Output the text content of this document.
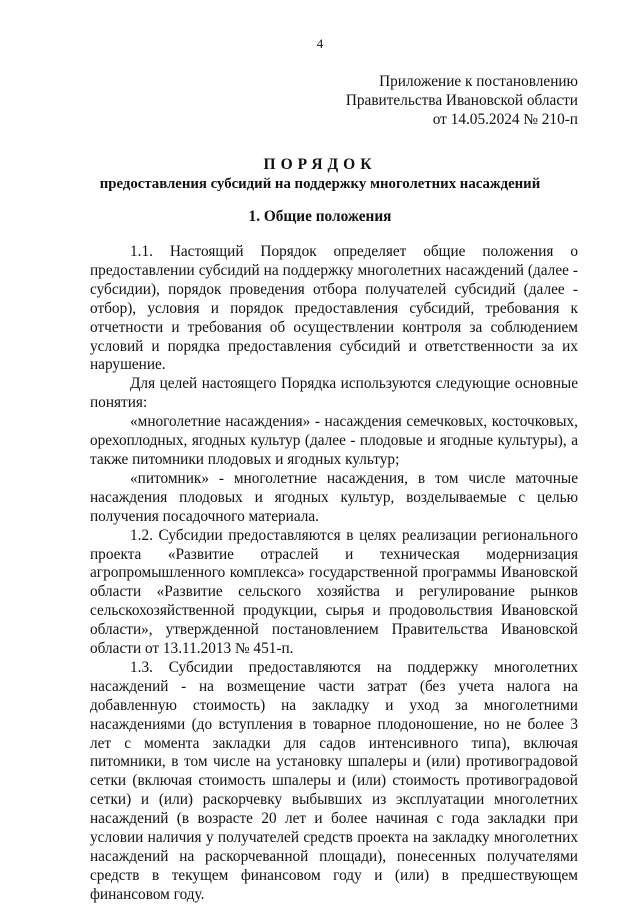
4
Приложение к постановлению
Правительства Ивановской области
от 14.05.2024 № 210-п
ПОРЯДОК
предоставления субсидий на поддержку многолетних насаждений
1. Общие положения

1.1. Настоящий Порядок определяет общие положения о предоставлении субсидий на поддержку многолетних насаждений (далее - субсидии), порядок проведения отбора получателей субсидий (далее - отбор), условия и порядок предоставления субсидий, требования к отчетности и требования об осуществлении контроля за соблюдением условий и порядка предоставления субсидий и ответственности за их нарушение.

Для целей настоящего Порядка используются следующие основные понятия:

«многолетние насаждения» - насаждения семечковых, косточковых, орехоплодных, ягодных культур (далее - плодовые и ягодные культуры), а также питомники плодовых и ягодных культур;

«питомник» - многолетние насаждения, в том числе маточные насаждения плодовых и ягодных культур, возделываемые с целью получения посадочного материала.

1.2. Субсидии предоставляются в целях реализации регионального проекта «Развитие отраслей и техническая модернизация агропромышленного комплекса» государственной программы Ивановской области «Развитие сельского хозяйства и регулирование рынков сельскохозяйственной продукции, сырья и продовольствия Ивановской области», утвержденной постановлением Правительства Ивановской области от 13.11.2013 № 451-п.

1.3. Субсидии предоставляются на поддержку многолетних насаждений - на возмещение части затрат (без учета налога на добавленную стоимость) на закладку и уход за многолетними насаждениями (до вступления в товарное плодоношение, но не более 3 лет с момента закладки для садов интенсивного типа), включая питомники, в том числе на установку шпалеры и (или) противоградовой сетки (включая стоимость шпалеры и (или) стоимость противоградовой сетки) и (или) раскорчевку выбывших из эксплуатации многолетних насаждений (в возрасте 20 лет и более начиная с года закладки при условии наличия у получателей средств проекта на закладку многолетних насаждений на раскорчеванной площади), понесенных получателями средств в текущем финансовом году и (или) в предшествующем финансовом году.
